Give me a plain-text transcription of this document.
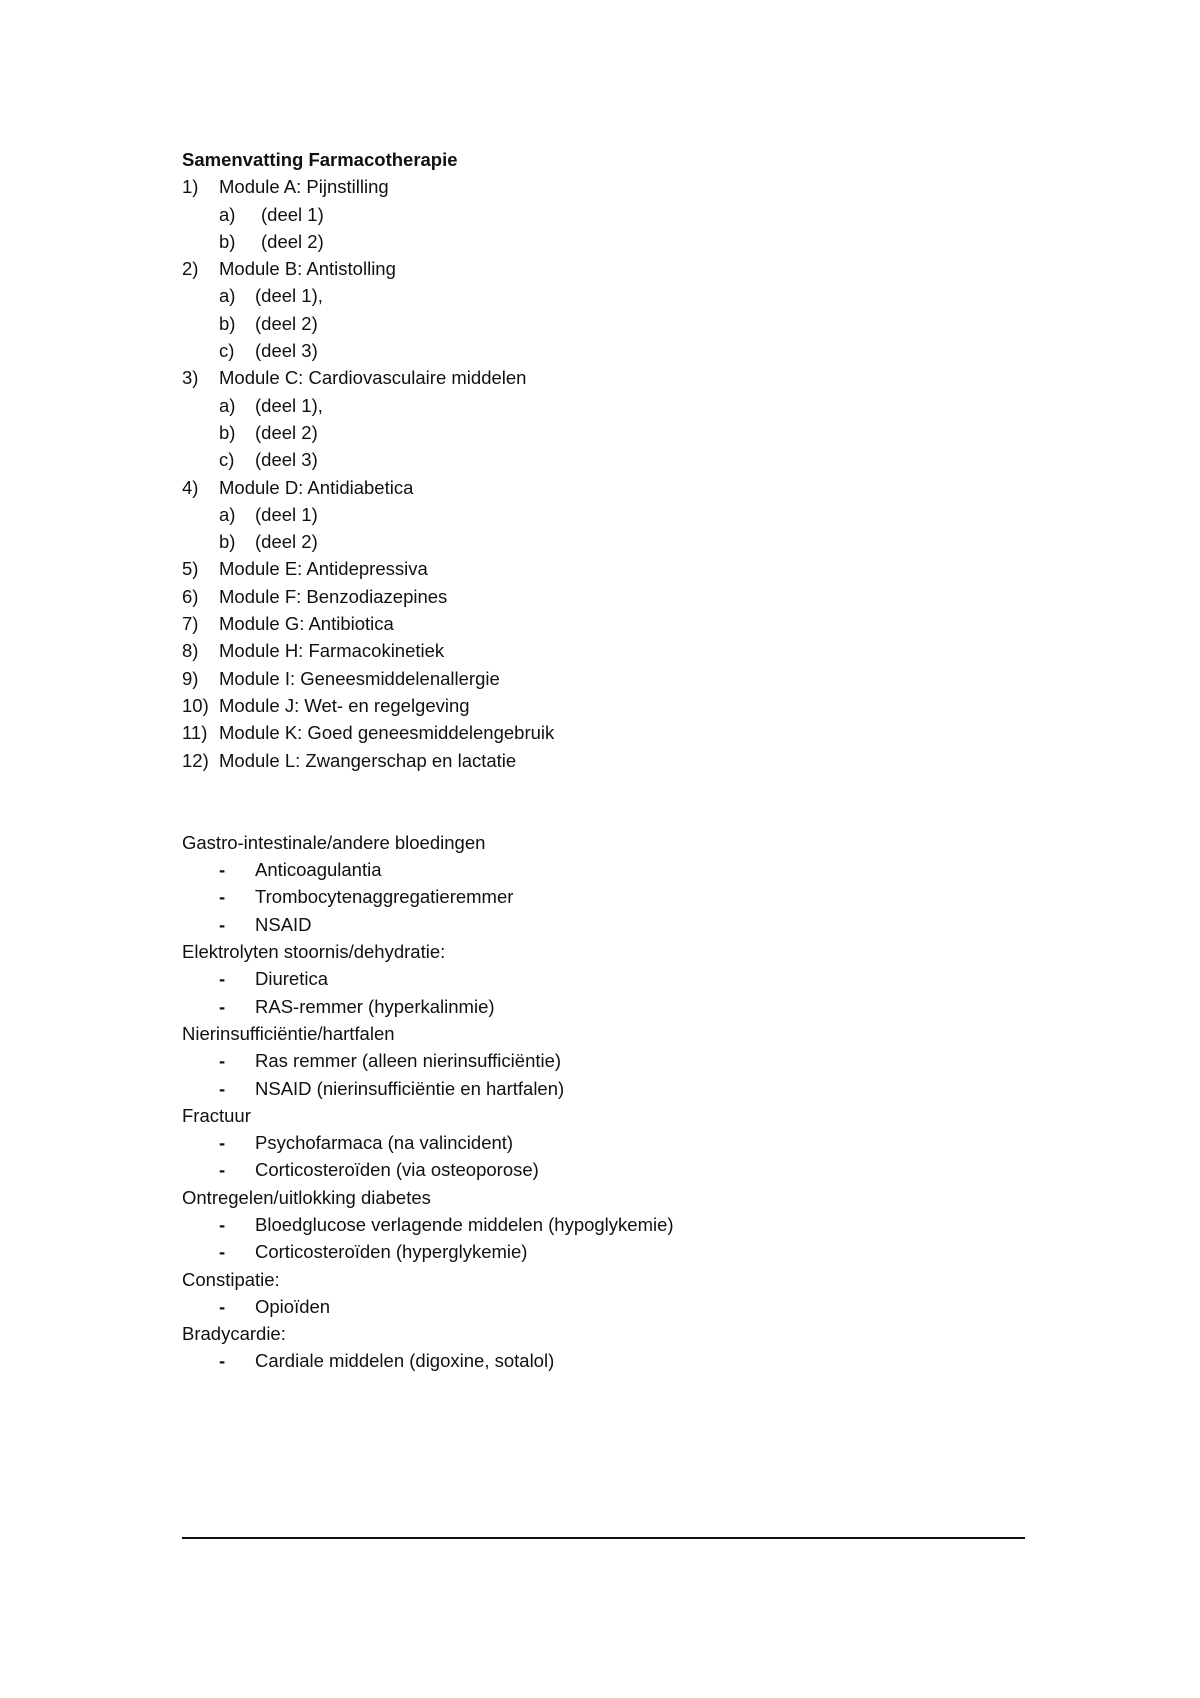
Samenvatting Farmacotherapie
1) Module A: Pijnstilling
a) (deel 1)
b) (deel 2)
2) Module B: Antistolling
a) (deel 1),
b) (deel 2)
c) (deel 3)
3) Module C: Cardiovasculaire middelen
a) (deel 1),
b) (deel 2)
c) (deel 3)
4) Module D: Antidiabetica
a) (deel 1)
b) (deel 2)
5) Module E: Antidepressiva
6) Module F: Benzodiazepines
7) Module G: Antibiotica
8) Module H: Farmacokinetiek
9) Module I: Geneesmiddelenallergie
10) Module J: Wet- en regelgeving
11) Module K: Goed geneesmiddelengebruik
12) Module L: Zwangerschap en lactatie
Gastro-intestinale/andere bloedingen
- Anticoagulantia
- Trombocytenaggregatieremmer
- NSAID
Elektrolyten stoornis/dehydratie:
- Diuretica
- RAS-remmer (hyperkalinmie)
Nierinsufficiëntie/hartfalen
- Ras remmer (alleen nierinsufficiëntie)
- NSAID (nierinsufficiëntie en hartfalen)
Fractuur
- Psychofarmaca (na valincident)
- Corticosteroïden (via osteoporose)
Ontregelen/uitlokking diabetes
- Bloedglucose verlagende middelen (hypoglykemie)
- Corticosteroïden (hyperglykemie)
Constipatie:
- Opioïden
Bradycardie:
- Cardiale middelen (digoxine, sotalol)
